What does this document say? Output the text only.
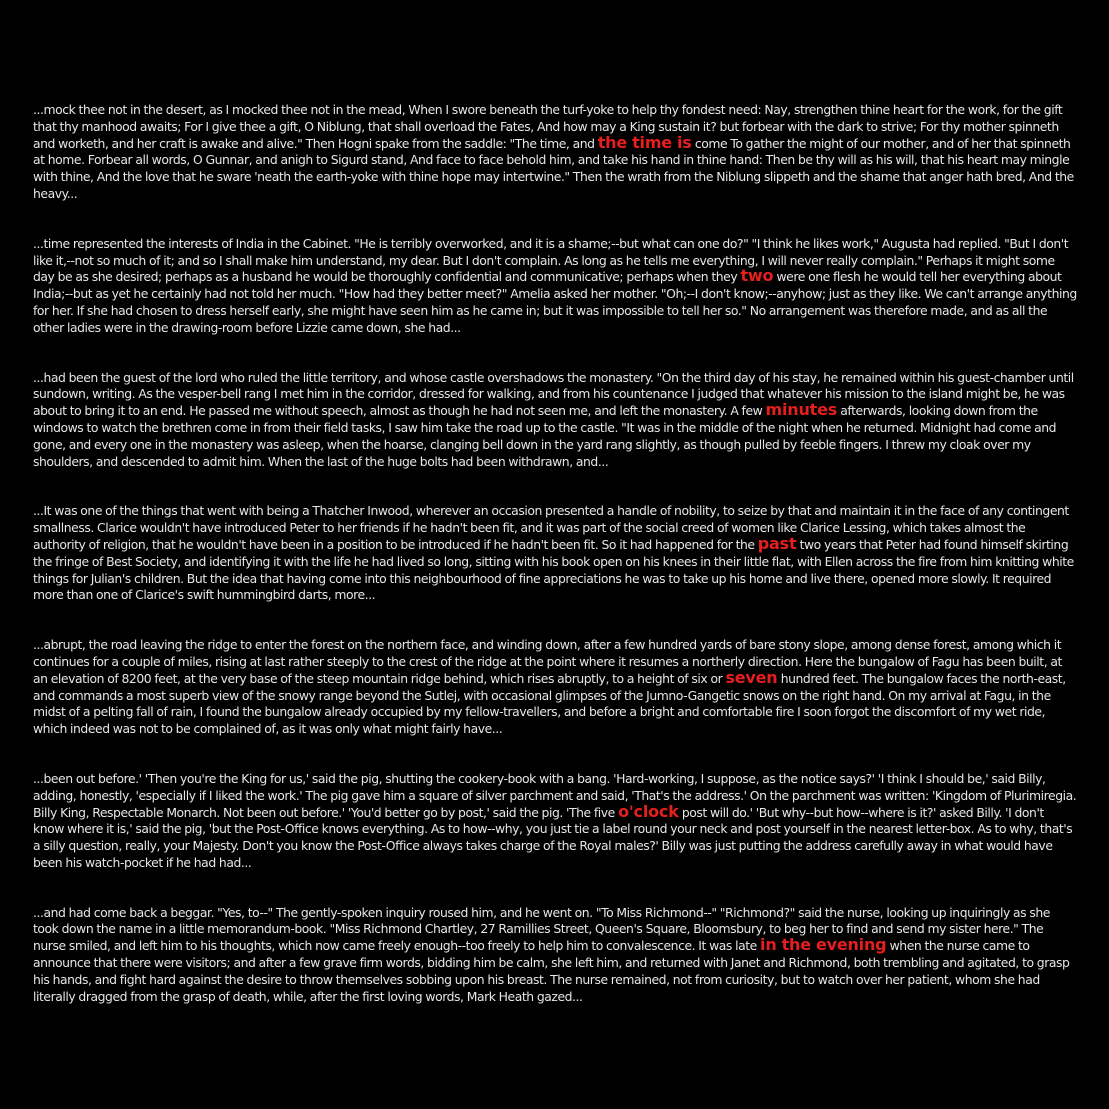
...mock thee not in the desert, as I mocked thee not in the mead, When I swore beneath the turf-yoke to help thy fondest need: Nay, strengthen thine heart for the work, for the gift that thy manhood awaits; For I give thee a gift, O Niblung, that shall overload the Fates, And how may a King sustain it? but forbear with the dark to strive; For thy mother spinneth and worketh, and her craft is awake and alive." Then Hogni spake from the saddle: "The time, and the time is come To gather the might of our mother, and of her that spinneth at home. Forbear all words, O Gunnar, and anigh to Sigurd stand, And face to face behold him, and take his hand in thine hand: Then be thy will as his will, that his heart may mingle with thine, And the love that he sware 'neath the earth-yoke with thine hope may intertwine." Then the wrath from the Niblung slippeth and the shame that anger hath bred, And the heavy...

...time represented the interests of India in the Cabinet. "He is terribly overworked, and it is a shame;--but what can one do?" "I think he likes work," Augusta had replied. "But I don't like it,--not so much of it; and so I shall make him understand, my dear. But I don't complain. As long as he tells me everything, I will never really complain." Perhaps it might some day be as she desired; perhaps as a husband he would be thoroughly confidential and communicative; perhaps when they two were one flesh he would tell her everything about India;--but as yet he certainly had not told her much. "How had they better meet?" Amelia asked her mother. "Oh;--I don't know;--anyhow; just as they like. We can't arrange anything for her. If she had chosen to dress herself early, she might have seen him as he came in; but it was impossible to tell her so." No arrangement was therefore made, and as all the other ladies were in the drawing-room before Lizzie came down, she had...

...had been the guest of the lord who ruled the little territory, and whose castle overshadows the monastery. "On the third day of his stay, he remained within his guest-chamber until sundown, writing. As the vesper-bell rang I met him in the corridor, dressed for walking, and from his countenance I judged that whatever his mission to the island might be, he was about to bring it to an end. He passed me without speech, almost as though he had not seen me, and left the monastery. A few minutes afterwards, looking down from the windows to watch the brethren come in from their field tasks, I saw him take the road up to the castle. "It was in the middle of the night when he returned. Midnight had come and gone, and every one in the monastery was asleep, when the hoarse, clanging bell down in the yard rang slightly, as though pulled by feeble fingers. I threw my cloak over my shoulders, and descended to admit him. When the last of the huge bolts had been withdrawn, and...

...It was one of the things that went with being a Thatcher Inwood, wherever an occasion presented a handle of nobility, to seize by that and maintain it in the face of any contingent smallness. Clarice wouldn't have introduced Peter to her friends if he hadn't been fit, and it was part of the social creed of women like Clarice Lessing, which takes almost the authority of religion, that he wouldn't have been in a position to be introduced if he hadn't been fit. So it had happened for the past two years that Peter had found himself skirting the fringe of Best Society, and identifying it with the life he had lived so long, sitting with his book open on his knees in their little flat, with Ellen across the fire from him knitting white things for Julian's children. But the idea that having come into this neighbourhood of fine appreciations he was to take up his home and live there, opened more slowly. It required more than one of Clarice's swift hummingbird darts, more...

...abrupt, the road leaving the ridge to enter the forest on the northern face, and winding down, after a few hundred yards of bare stony slope, among dense forest, among which it continues for a couple of miles, rising at last rather steeply to the crest of the ridge at the point where it resumes a northerly direction. Here the bungalow of Fagu has been built, at an elevation of 8200 feet, at the very base of the steep mountain ridge behind, which rises abruptly, to a height of six or seven hundred feet. The bungalow faces the north-east, and commands a most superb view of the snowy range beyond the Sutlej, with occasional glimpses of the Jumno-Gangetic snows on the right hand. On my arrival at Fagu, in the midst of a pelting fall of rain, I found the bungalow already occupied by my fellow-travellers, and before a bright and comfortable fire I soon forgot the discomfort of my wet ride, which indeed was not to be complained of, as it was only what might fairly have...

...been out before.' 'Then you're the King for us,' said the pig, shutting the cookery-book with a bang. 'Hard-working, I suppose, as the notice says?' 'I think I should be,' said Billy, adding, honestly, 'especially if I liked the work.' The pig gave him a square of silver parchment and said, 'That's the address.' On the parchment was written: 'Kingdom of Plurimiregia. Billy King, Respectable Monarch. Not been out before.' 'You'd better go by post,' said the pig. 'The five o'clock post will do.' 'But why--but how--where is it?' asked Billy. 'I don't know where it is,' said the pig, 'but the Post-Office knows everything. As to how--why, you just tie a label round your neck and post yourself in the nearest letter-box. As to why, that's a silly question, really, your Majesty. Don't you know the Post-Office always takes charge of the Royal males?' Billy was just putting the address carefully away in what would have been his watch-pocket if he had had...

...and had come back a beggar. "Yes, to--" The gently-spoken inquiry roused him, and he went on. "To Miss Richmond--" "Richmond?" said the nurse, looking up inquiringly as she took down the name in a little memorandum-book. "Miss Richmond Chartley, 27 Ramillies Street, Queen's Square, Bloomsbury, to beg her to find and send my sister here." The nurse smiled, and left him to his thoughts, which now came freely enough--too freely to help him to convalescence. It was late in the evening when the nurse came to announce that there were visitors; and after a few grave firm words, bidding him be calm, she left him, and returned with Janet and Richmond, both trembling and agitated, to grasp his hands, and fight hard against the desire to throw themselves sobbing upon his breast. The nurse remained, not from curiosity, but to watch over her patient, whom she had literally dragged from the grasp of death, while, after the first loving words, Mark Heath gazed...
